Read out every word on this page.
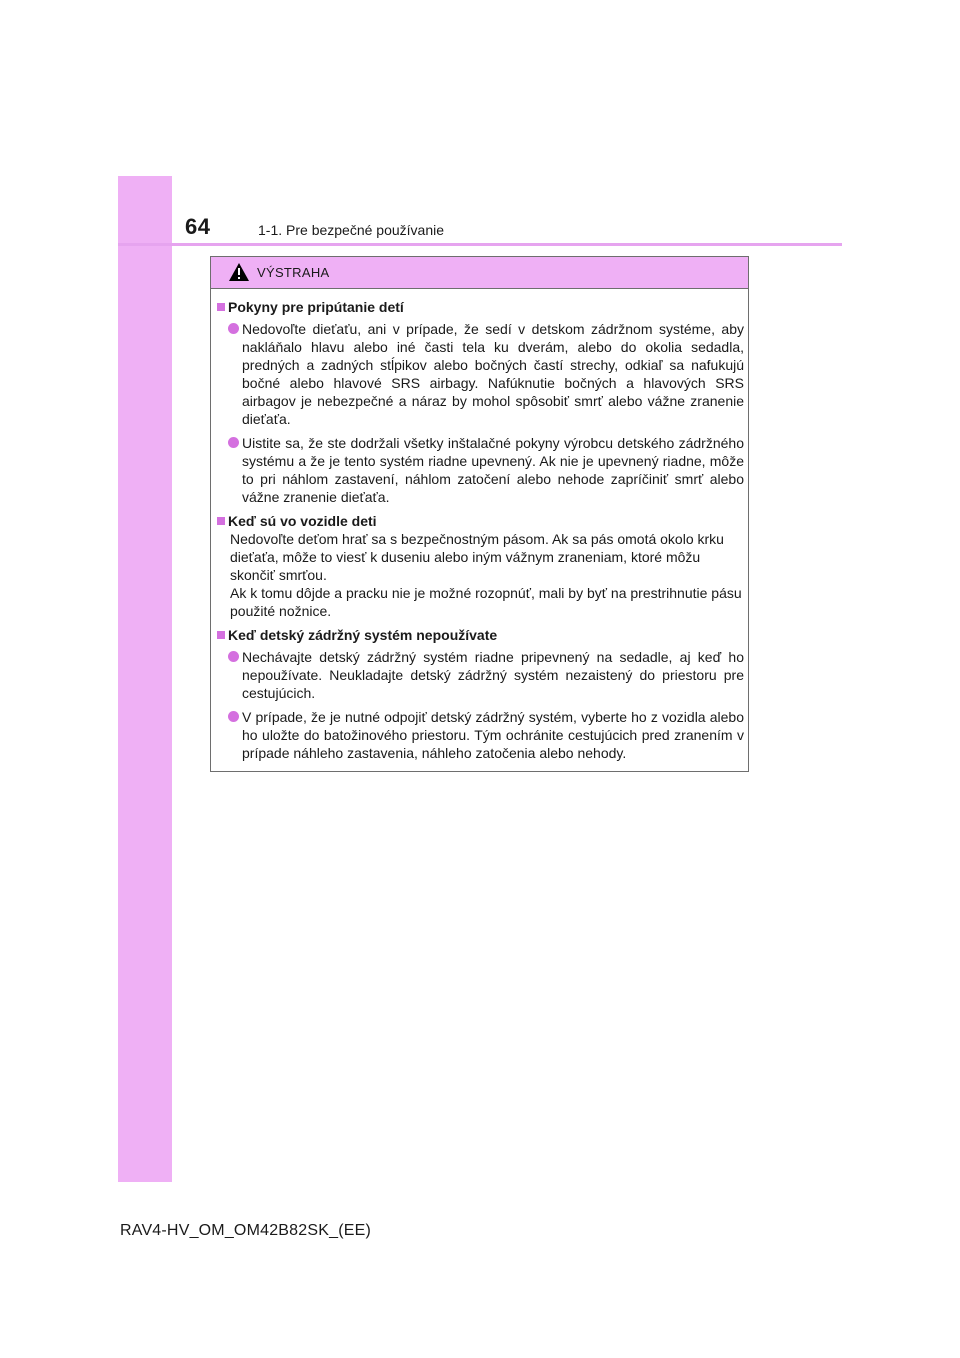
64	1-1. Pre bezpečné používanie
VÝSTRAHA
Pokyny pre pripútanie detí
Nedovoľte dieťaťu, ani v prípade, že sedí v detskom zádržnom systéme, aby nakláňalo hlavu alebo iné časti tela ku dverám, alebo do okolia sedadla, predných a zadných stĺpikov alebo bočných častí strechy, odkiaľ sa nafukujú bočné alebo hlavové SRS airbagy. Nafúknutie bočných a hlavových SRS airbagov je nebezpečné a náraz by mohol spôsobiť smrť alebo vážne zranenie dieťaťa.
Uistite sa, že ste dodržali všetky inštalačné pokyny výrobcu detského zádržného systému a že je tento systém riadne upevnený. Ak nie je upevnený riadne, môže to pri náhlom zastavení, náhlom zatočení alebo nehode zapríčiniť smrť alebo vážne zranenie dieťaťa.
Keď sú vo vozidle deti
Nedovoľte deťom hrať sa s bezpečnostným pásom. Ak sa pás omotá okolo krku dieťaťa, môže to viesť k duseniu alebo iným vážnym zraneniam, ktoré môžu skončiť smrťou.
Ak k tomu dôjde a pracku nie je možné rozopnúť, mali by byť na prestrihnutie pásu použité nožnice.
Keď detský zádržný systém nepoužívate
Nechávajte detský zádržný systém riadne pripevnený na sedadle, aj keď ho nepoužívate. Neukladajte detský zádržný systém nezaistený do priestoru pre cestujúcich.
V prípade, že je nutné odpojiť detský zádržný systém, vyberte ho z vozidla alebo ho uložte do batožinového priestoru. Tým ochránite cestujúcich pred zranením v prípade náhleho zastavenia, náhleho zatočenia alebo nehody.
RAV4-HV_OM_OM42B82SK_(EE)
